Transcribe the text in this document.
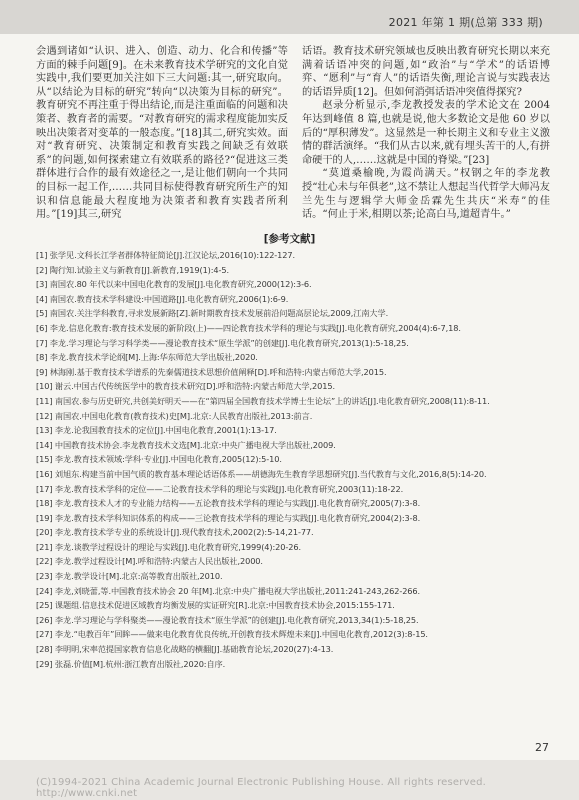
2021 年第 1 期(总第 333 期)

会遇到诸如“认识、进入、创造、动力、化合和传播”等方面的棘手问题[9]。在未来教育技术学研究的文化自觉实践中,我们要更加关注如下三大问题:其一,研究取向。从“以结论为目标的研究”转向“以决策为目标的研究”。教育研究不再注重于得出结论,而是注重面临的问题和决策者、教育者的需要。“对教育研究的需求程度能加实反映出决策者对变革的一般态度。”[18]其二,研究实效。面对“教育研究、决策制定和教育实践之间缺乏有效联系”的问题,如何探索建立有效联系的路径?“促进这三类群体进行合作的最有效途径之一,是让他们朝向一个共同的目标一起工作,……共同目标使得教育研究所生产的知识和信息能最大程度地为决策者和教育实践者所利用。”[19]其三,研究

话语。教育技术研究领域也反映出教育研究长期以来充满着话语冲突的问题,如“政治”与“学术”的话语博弈、“愿利”与“育人”的话语失衡,理论言说与实践表达的话语异质[12]。但如何消弭话语冲突值得探究?

赵录分析显示,李龙教授发表的学术论文在 2004 年达到峰值 8 篇,也就是说,他大多数论文是他 60 岁以后的“厚积薄发”。这显然是一种长期主义和专业主义激情的群活演绎。“我们从古以来,就有埋头苦干的人,有拼命硬干的人,……这就是中国的脊梁。”[23]

“莫道桑榆晚,为霞尚满天。”权钢之年的李龙教授“壮心未与年俱老”,这不禁让人想起当代哲学大师冯友兰先生与逻辑学大师金岳霖先生共庆“米寿”的佳话。“何止于米,相期以茶;论高白马,道超青牛。”

[参考文献]
[1] 张学见.文科长江学者群体特征简论[J].江汉论坛,2016(10):122-127.
[2] 陶行知.试验主义与新教育[J].新教育,1919(1):4-5.
[3] 南国农.80 年代以来中国电化教育的发展[J].电化教育研究,2000(12):3-6.
[4] 南国农.教育技术学科建设:中国道路[J].电化教育研究,2006(1):6-9.
[5] 南国农.关注学科教育,寻求发展新路[Z].新时期教育技术发展前沿问题高层论坛,2009,江南大学.
[6] 李龙.信息化教育:教育技术发展的新阶段(上)——四论教育技术学科的理论与实践[J].电化教育研究,2004(4):6-7,18.
[7] 李龙.学习理论与学习科学类——漫论教育技术“原生学派”的创建[J].电化教育研究,2013(1):5-18,25.
[8] 李龙.教育技术学论纲[M].上海:华东师范大学出版社,2020.
[9] 林海刚.基于教育技术学谱系的先秦儒道技术思想价值阐释[D].呼和浩特:内蒙古师范大学,2015.
[10] 谢云.中国古代传统医学中的教育技术研究[D].呼和浩特:内蒙古师范大学,2015.
[11] 南国农.参与历史研究,共创美好明天——在“第四届全国教育技术学博士生论坛”上的讲话[J].电化教育研究,2008(11):8-11.
[12] 南国农.中国电化教育(教育技术)史[M].北京:人民教育出版社,2013:前言.
[13] 李龙.论我国教育技术的定位[J].中国电化教育,2001(1):13-17.
[14] 中国教育技术协会.李龙教育技术文选[M].北京:中央广播电视大学出版社,2009.
[15] 李龙.教育技术领域:学科·专业[J].中国电化教育,2005(12):5-10.
[16] 刘旭东.构建当前中国气质的教育基本理论话语体系——胡德海先生教育学思想研究[J].当代教育与文化,2016,8(5):14-20.
[17] 李龙.教育技术学科的定位——二论教育技术学科的理论与实践[J].电化教育研究,2003(11):18-22.
[18] 李龙.教育技术人才的专业能力结构——五论教育技术学科的理论与实践[J].电化教育研究,2005(7):3-8.
[19] 李龙.教育技术学科知识体系的构成——三论教育技术学科的理论与实践[J].电化教育研究,2004(2):3-8.
[20] 李龙.教育技术学专业的系统设计[J].现代教育技术,2002(2):5-14,21-77.
[21] 李龙.谈教学过程设计的理论与实践[J].电化教育研究,1999(4):20-26.
[22] 李龙.教学过程设计[M].呼和浩特:内蒙古人民出版社,2000.
[23] 李龙.教学设计[M].北京:高等教育出版社,2010.
[24] 李龙,刘晓蕾,等.中国教育技术协会 20 年[M].北京:中央广播电视大学出版社,2011:241-243,262-266.
[25] 课题组.信息技术促进区域教育均衡发展的实证研究[R].北京:中国教育技术协会,2015:155-171.
[26] 李龙.学习理论与学科聚类——漫论教育技术“原生学派”的创建[J].电化教育研究,2013,34(1):5-18,25.
[27] 李龙.“电教百年”回眸——做来电化教育优良传统,开创教育技术辉煌未来[J].中国电化教育,2012(3):8-15.
[28] 李明明,宋率范提国家教育信息化战略的横翻[J].基础教育论坛,2020(27):4-13.
[29] 张磊.价值[M].杭州:浙江教育出版社,2020:自序.
(C)1994-2021 China Academic Journal Electronic Publishing House. All rights reserved. http://www.cnki.net
27
